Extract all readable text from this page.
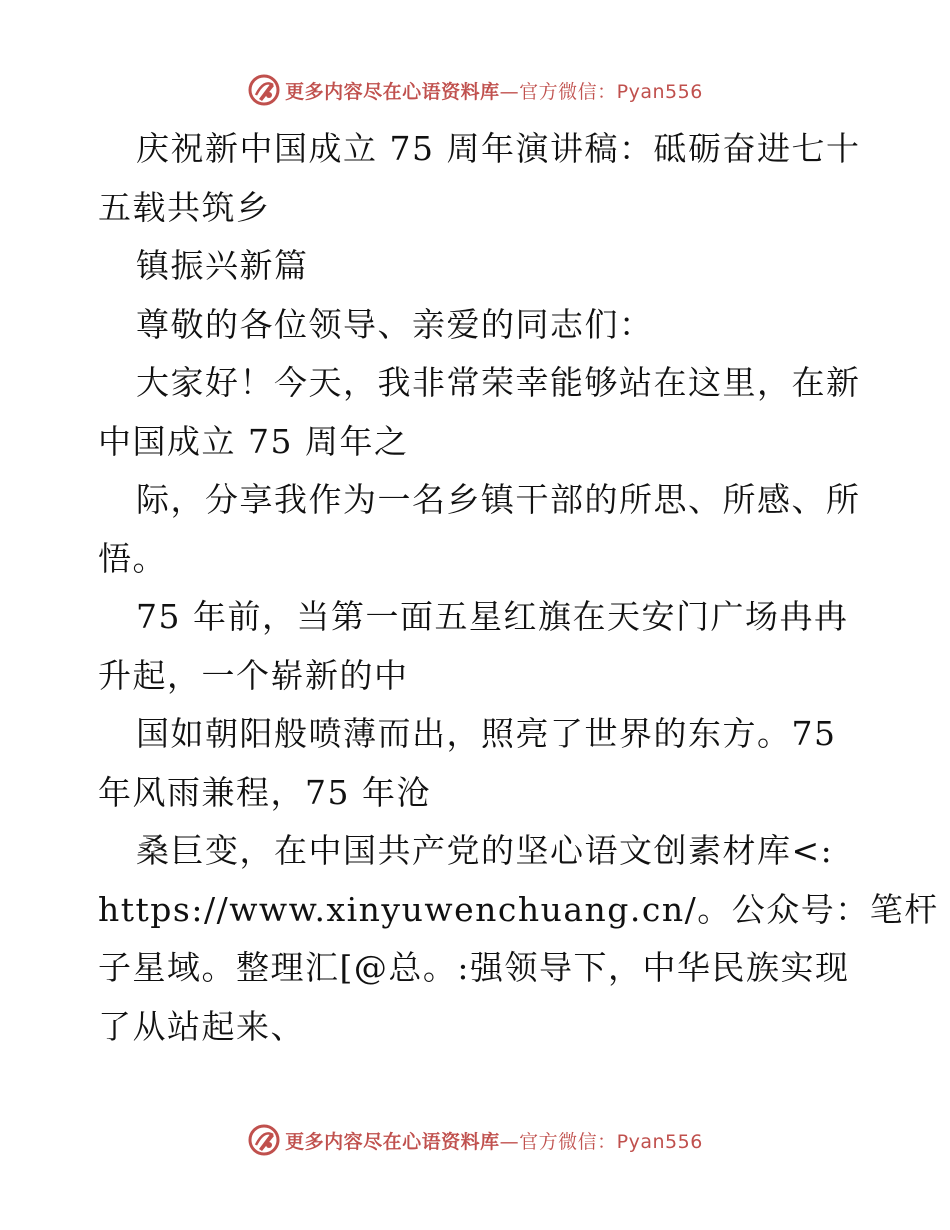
更多内容尽在心语资料库—官方微信：Pyan556
庆祝新中国成立 75 周年演讲稿：砥砺奋进七十
五载共筑乡
镇振兴新篇
尊敬的各位领导、亲爱的同志们：
大家好！今天，我非常荣幸能够站在这里，在新
中国成立 75 周年之
际，分享我作为一名乡镇干部的所思、所感、所
悟。
75 年前，当第一面五星红旗在天安门广场冉冉
升起，一个崭新的中
国如朝阳般喷薄而出，照亮了世界的东方。75
年风雨兼程，75 年沧
桑巨变，在中国共产党的坚心语文创素材库<:
https://www.xinyuwenchuang.cn/。公众号：笔杆
子星域。整理汇[@总。:强领导下，中华民族实现
了从站起来、
更多内容尽在心语资料库—官方微信：Pyan556
